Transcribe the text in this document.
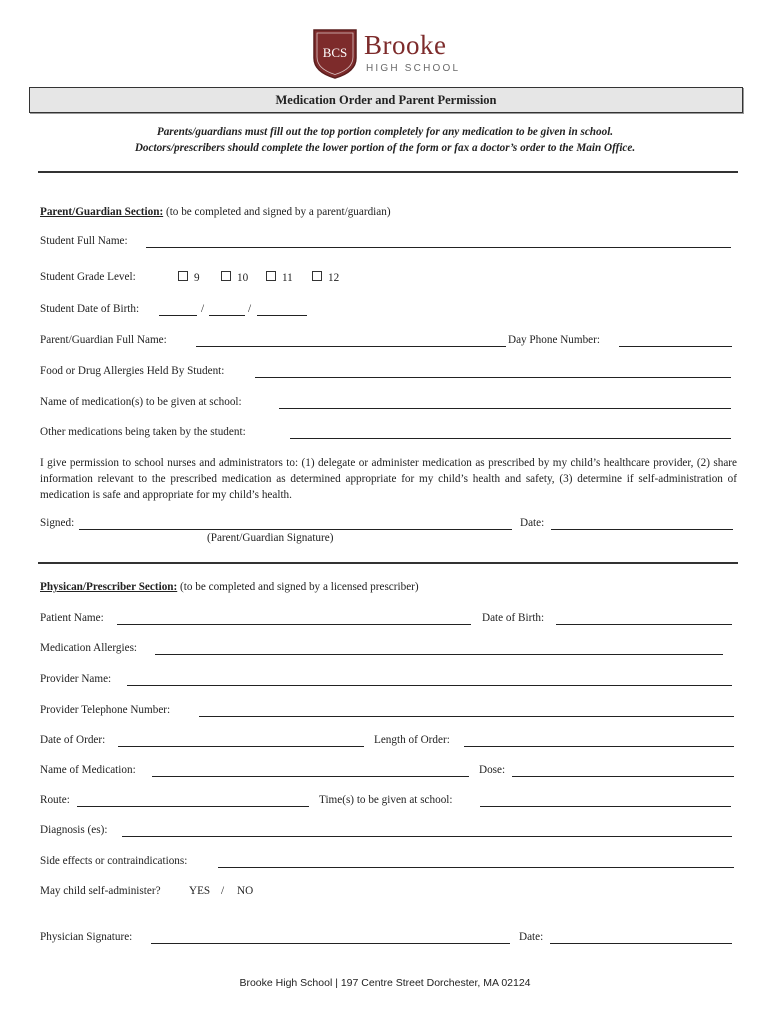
BCS Brooke
HIGH SCHOOL
Medication Order and Parent Permission
Parents/guardians must fill out the top portion completely for any medication to be given in school.
Doctors/prescribers should complete the lower portion of the form or fax a doctor’s order to the Main Office.
Parent/Guardian Section: (to be completed and signed by a parent/guardian)
Student Full Name:
Student Grade Level:	9	10	11	12
Student Date of Birth:	/	/
Parent/Guardian Full Name:	Day Phone Number:
Food or Drug Allergies Held By Student:
Name of medication(s) to be given at school:
Other medications being taken by the student:
I give permission to school nurses and administrators to: (1) delegate or administer medication as prescribed by my child’s healthcare provider, (2) share information relevant to the prescribed medication as determined appropriate for my child’s health and safety, (3) determine if self-administration of medication is safe and appropriate for my child’s health.
Signed:	Date:
(Parent/Guardian Signature)
Physican/Prescriber Section: (to be completed and signed by a licensed prescriber)
Patient Name:	Date of Birth:
Medication Allergies:
Provider Name:
Provider Telephone Number:
Date of Order:	Length of Order:
Name of Medication:	Dose:
Route:	Time(s) to be given at school:
Diagnosis (es):
Side effects or contraindications:
May child self-administer?	YES / NO
Physician Signature:	Date:
Brooke High School | 197 Centre Street Dorchester, MA 02124
